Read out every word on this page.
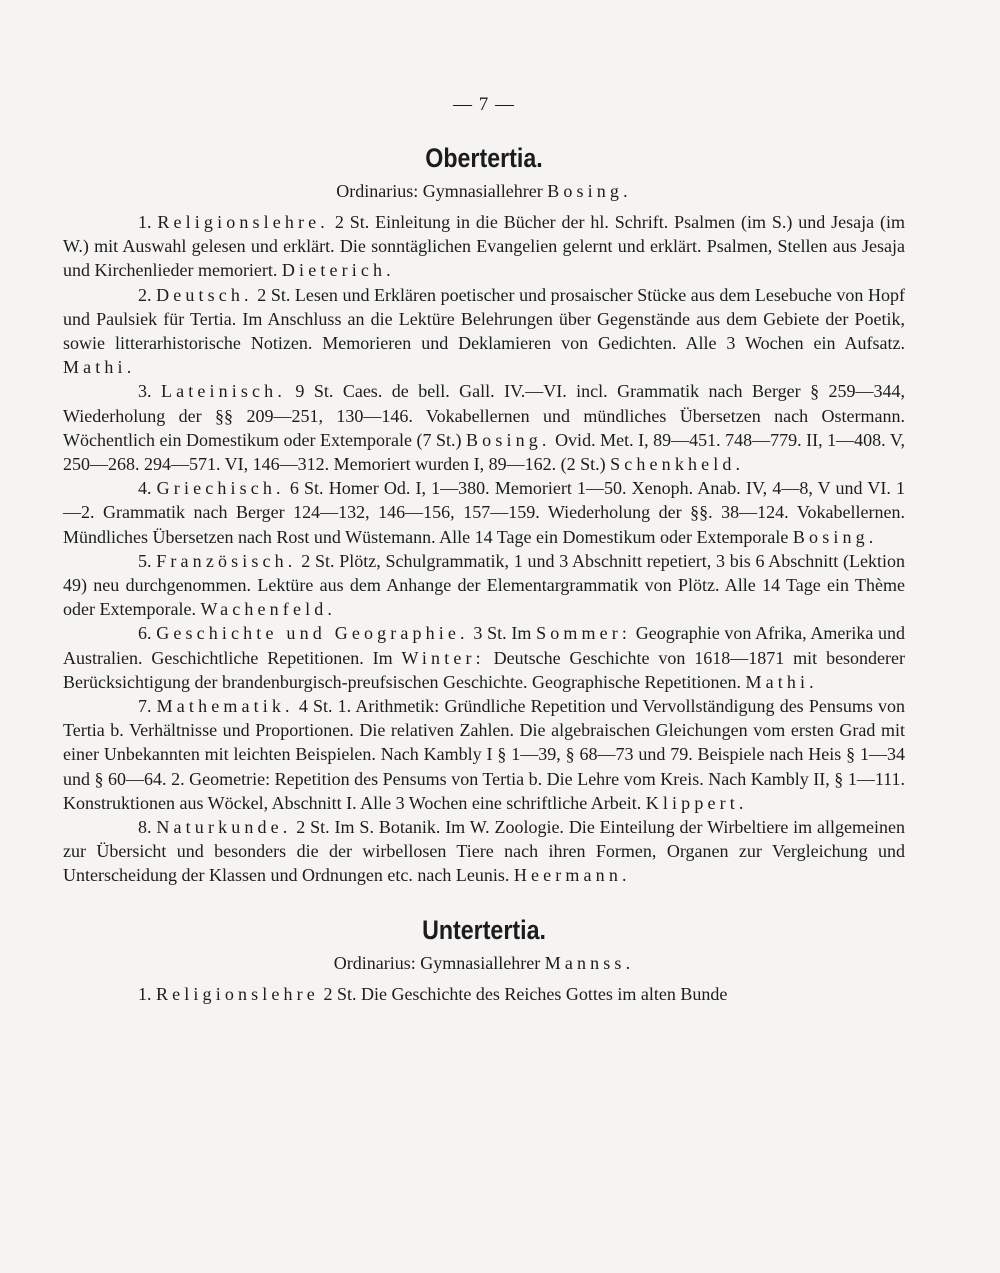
— 7 —
Obertertia.
Ordinarius: Gymnasiallehrer Bosing.

1. Religionslehre. 2 St. Einleitung in die Bücher der hl. Schrift. Psalmen (im S.) und Jesaja (im W.) mit Auswahl gelesen und erklärt. Die sonntäglichen Evangelien gelernt und erklärt. Psalmen, Stellen aus Jesaja und Kirchenlieder memoriert. Dieterich.

2. Deutsch. 2 St. Lesen und Erklären poetischer und prosaischer Stücke aus dem Lesebuche von Hopf und Paulsiek für Tertia. Im Anschluss an die Lektüre Belehrungen über Gegenstände aus dem Gebiete der Poetik, sowie litterarhistorische Notizen. Memorieren und Deklamieren von Gedichten. Alle 3 Wochen ein Aufsatz. Mathi.

3. Lateinisch. 9 St. Caes. de bell. Gall. IV.—VI. incl. Grammatik nach Berger § 259—344, Wiederholung der §§ 209—251, 130—146. Vokabellernen und mündliches Übersetzen nach Ostermann. Wöchentlich ein Domestikum oder Extemporale (7 St.) Bosing. Ovid. Met. I, 89—451. 748—779. II, 1—408. V, 250—268. 294—571. VI, 146—312. Memoriert wurden I, 89—162. (2 St.) Schenkheld.

4. Griechisch. 6 St. Homer Od. I, 1—380. Memoriert 1—50. Xenoph. Anab. IV, 4—8, V und VI. 1—2. Grammatik nach Berger 124—132, 146—156, 157—159. Wiederholung der §§. 38—124. Vokabellernen. Mündliches Übersetzen nach Rost und Wüstemann. Alle 14 Tage ein Domestikum oder Extemporale Bosing.

5. Französisch. 2 St. Plötz, Schulgrammatik, 1 und 3 Abschnitt repetiert, 3 bis 6 Abschnitt (Lektion 49) neu durchgenommen. Lektüre aus dem Anhange der Elementargrammatik von Plötz. Alle 14 Tage ein Thème oder Extemporale. Wachenfeld.

6. Geschichte und Geographie. 3 St. Im Sommer: Geographie von Afrika, Amerika und Australien. Geschichtliche Repetitionen. Im Winter: Deutsche Geschichte von 1618—1871 mit besonderer Berücksichtigung der brandenburgisch-preufsischen Geschichte. Geographische Repetitionen. Mathi.

7. Mathematik. 4 St. 1. Arithmetik: Gründliche Repetition und Vervollständigung des Pensums von Tertia b. Verhältnisse und Proportionen. Die relativen Zahlen. Die algebraischen Gleichungen vom ersten Grad mit einer Unbekannten mit leichten Beispielen. Nach Kambly I § 1—39, § 68—73 und 79. Beispiele nach Heis § 1—34 und § 60—64. 2. Geometrie: Repetition des Pensums von Tertia b. Die Lehre vom Kreis. Nach Kambly II, § 1—111. Konstruktionen aus Wöckel, Abschnitt I. Alle 3 Wochen eine schriftliche Arbeit. Klippert.

8. Naturkunde. 2 St. Im S. Botanik. Im W. Zoologie. Die Einteilung der Wirbeltiere im allgemeinen zur Übersicht und besonders die der wirbellosen Tiere nach ihren Formen, Organen zur Vergleichung und Unterscheidung der Klassen und Ordnungen etc. nach Leunis. Heermann.

Untertertia.
Ordinarius: Gymnasiallehrer Mannss.

1. Religionslehre 2 St. Die Geschichte des Reiches Gottes im alten Bunde
